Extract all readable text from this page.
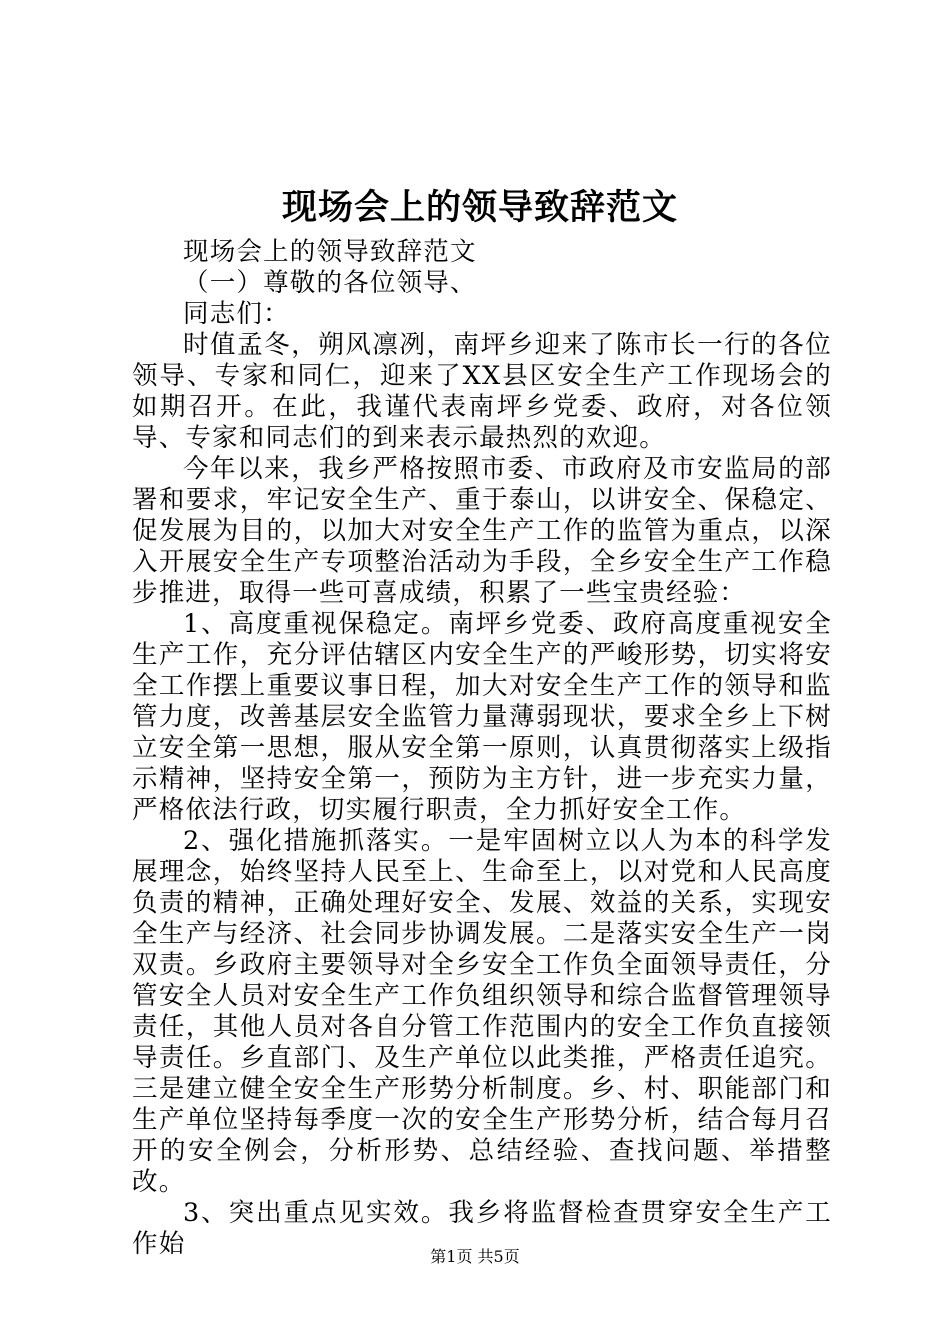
现场会上的领导致辞范文

现场会上的领导致辞范文

（一）尊敬的各位领导、

同志们：

时值孟冬，朔风凛冽，南坪乡迎来了陈市长一行的各位领导、专家和同仁，迎来了XX县区安全生产工作现场会的如期召开。在此，我谨代表南坪乡党委、政府，对各位领导、专家和同志们的到来表示最热烈的欢迎。

今年以来，我乡严格按照市委、市政府及市安监局的部署和要求，牢记安全生产、重于泰山，以讲安全、保稳定、促发展为目的，以加大对安全生产工作的监管为重点，以深入开展安全生产专项整治活动为手段，全乡安全生产工作稳步推进，取得一些可喜成绩，积累了一些宝贵经验：

1、高度重视保稳定。南坪乡党委、政府高度重视安全生产工作，充分评估辖区内安全生产的严峻形势，切实将安全工作摆上重要议事日程，加大对安全生产工作的领导和监管力度，改善基层安全监管力量薄弱现状，要求全乡上下树立安全第一思想，服从安全第一原则，认真贯彻落实上级指示精神，坚持安全第一，预防为主方针，进一步充实力量，严格依法行政，切实履行职责，全力抓好安全工作。

2、强化措施抓落实。一是牢固树立以人为本的科学发展理念，始终坚持人民至上、生命至上，以对党和人民高度负责的精神，正确处理好安全、发展、效益的关系，实现安全生产与经济、社会同步协调发展。二是落实安全生产一岗双责。乡政府主要领导对全乡安全工作负全面领导责任，分管安全人员对安全生产工作负组织领导和综合监督管理领导责任，其他人员对各自分管工作范围内的安全工作负直接领导责任。乡直部门、及生产单位以此类推，严格责任追究。三是建立健全安全生产形势分析制度。乡、村、职能部门和生产单位坚持每季度一次的安全生产形势分析，结合每月召开的安全例会，分析形势、总结经验、查找问题、举措整改。

3、突出重点见实效。我乡将监督检查贯穿安全生产工作始	第1页 共5页
